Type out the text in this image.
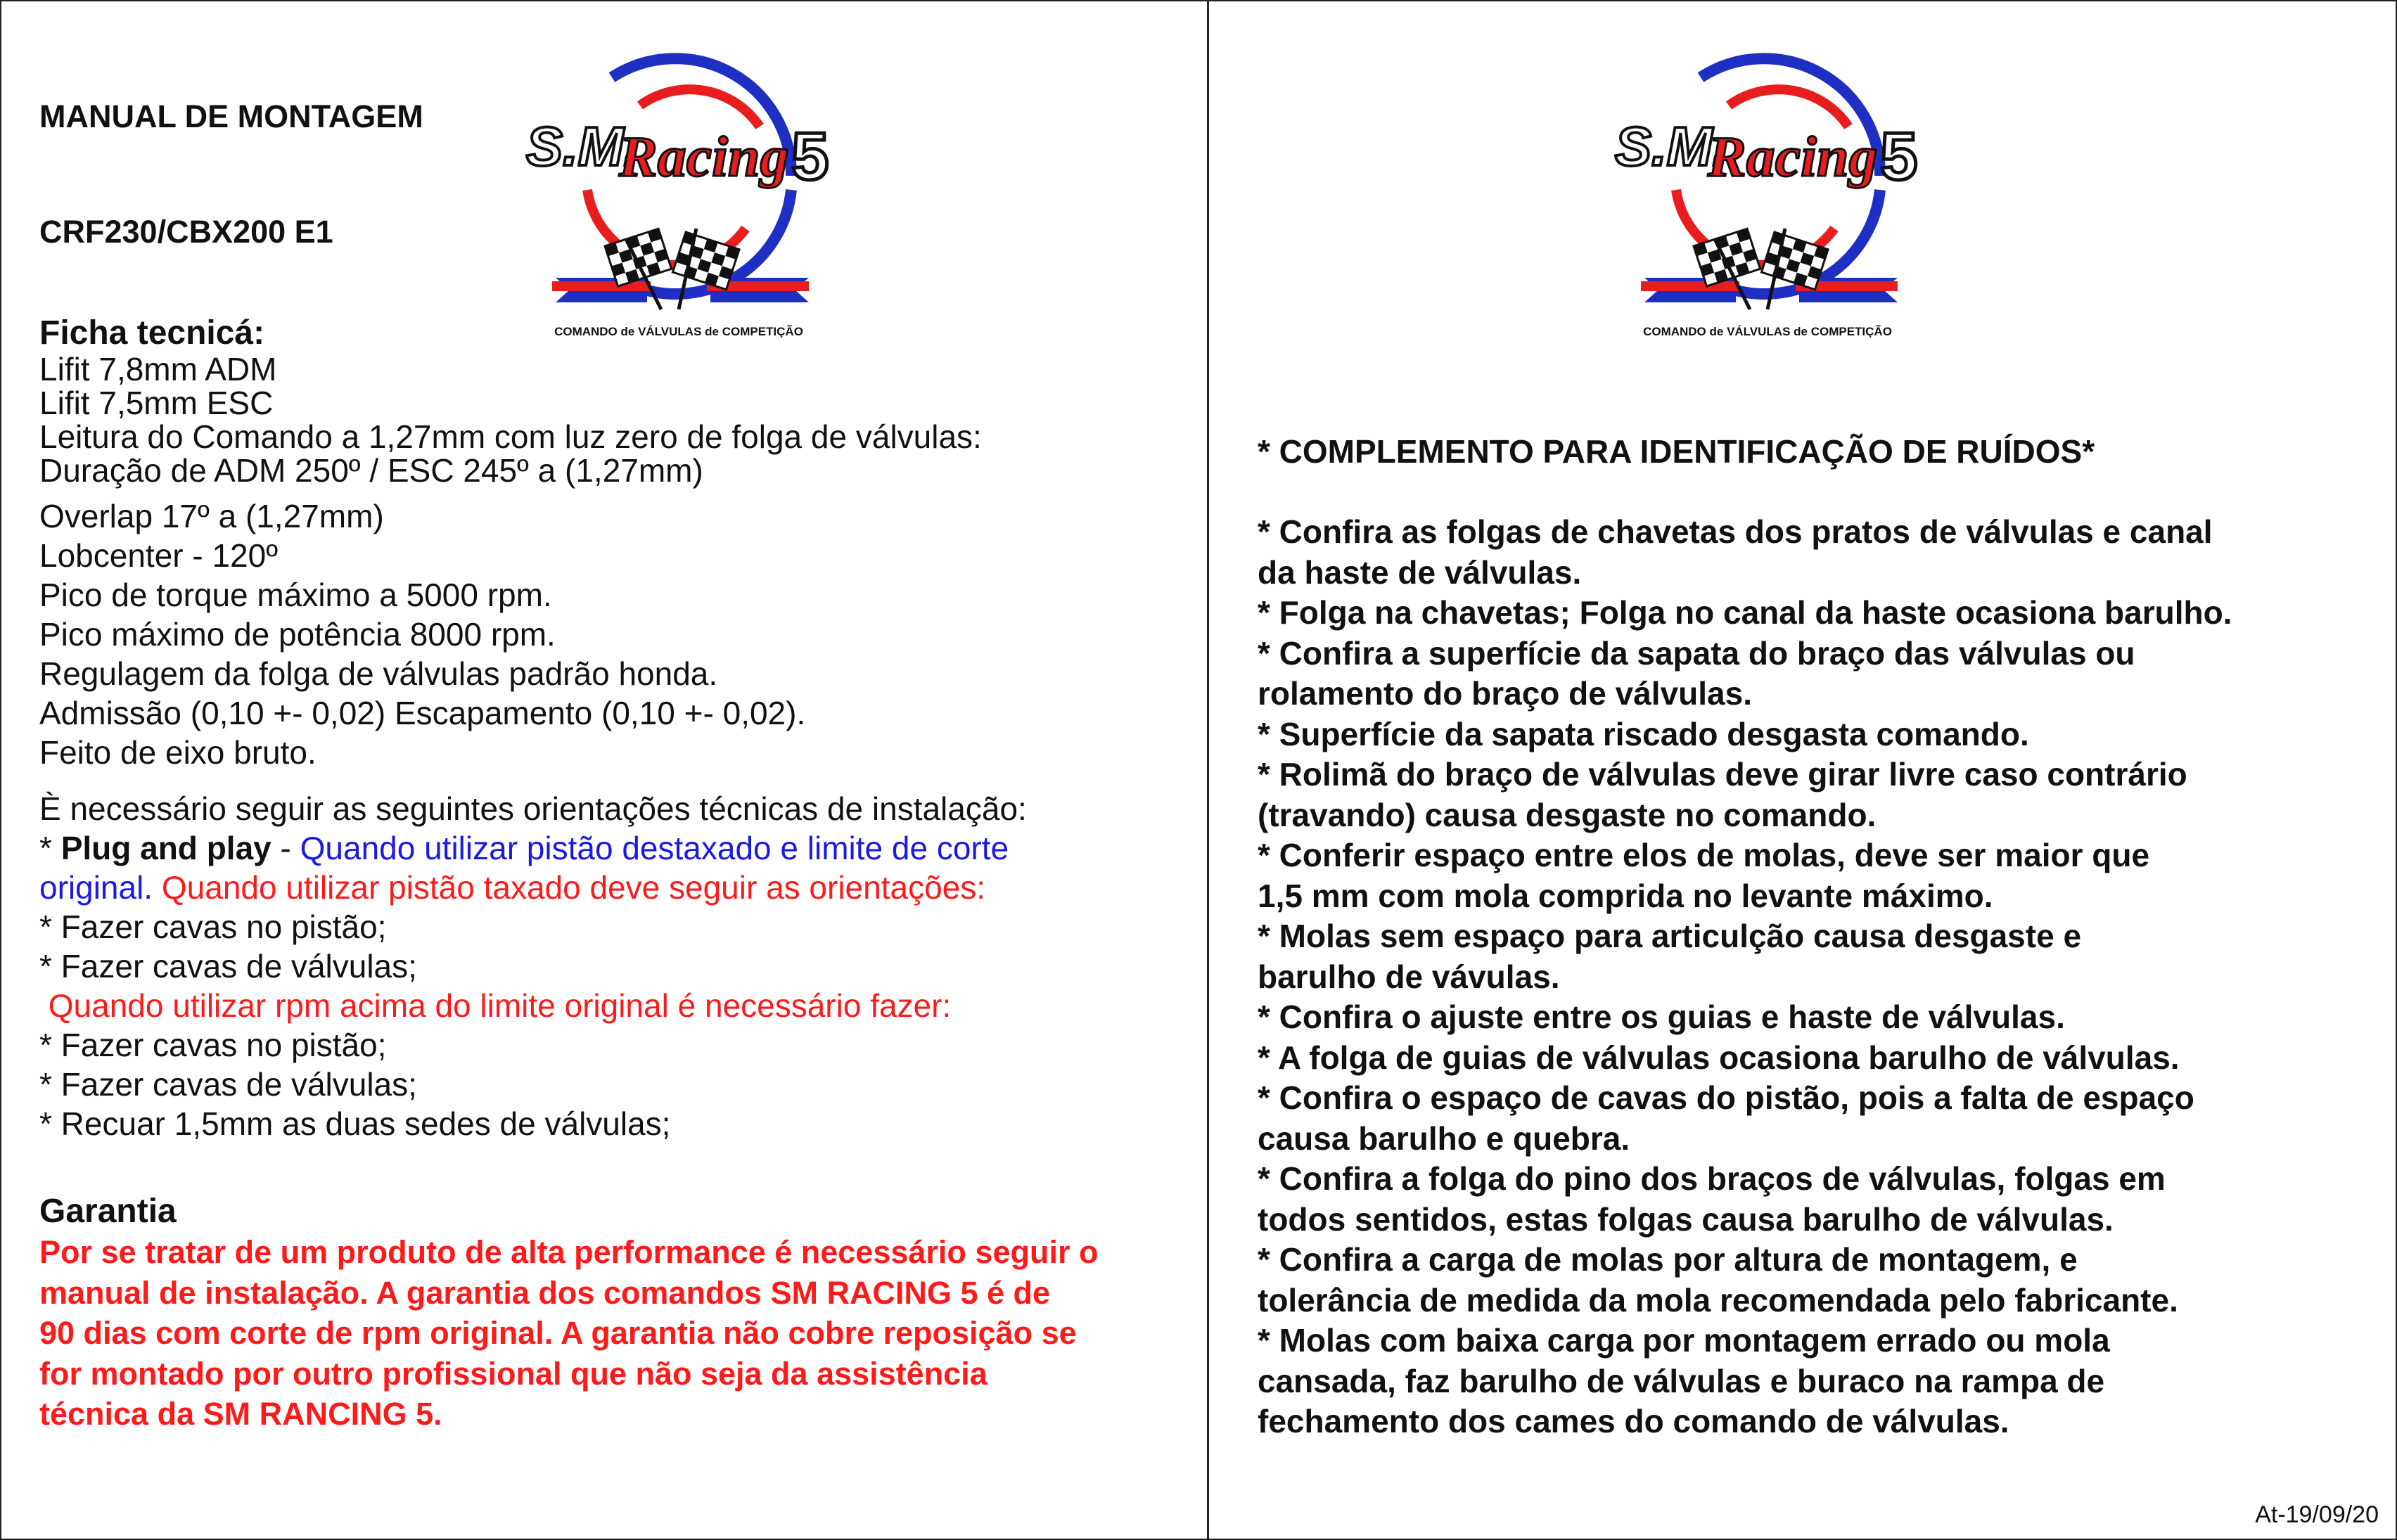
MANUAL DE MONTAGEM
CRF230/CBX200 E1
Ficha tecnicá:
Lifit 7,8mm ADM
Lifit 7,5mm ESC
Leitura do Comando a 1,27mm com luz zero de folga de válvulas:
Duração de ADM 250º / ESC 245º a (1,27mm)
Overlap 17º a (1,27mm)
Lobcenter - 120º
Pico de torque máximo a 5000 rpm.
Pico máximo de potência 8000 rpm.
Regulagem da folga de válvulas padrão honda.
Admissão (0,10 +- 0,02) Escapamento (0,10 +- 0,02).
Feito de eixo bruto.
È necessário seguir as seguintes orientações técnicas de instalação:
* Plug and play - Quando utilizar pistão destaxado e limite de corte
original. Quando utilizar pistão taxado deve seguir as orientações:
* Fazer cavas no pistão;
* Fazer cavas de válvulas;
Quando utilizar rpm acima do limite original é necessário fazer:
* Fazer cavas no pistão;
* Fazer cavas de válvulas;
* Recuar 1,5mm as duas sedes de válvulas;
Garantia
Por se tratar de um produto de alta performance é necessário seguir o
manual de instalação. A garantia dos comandos SM RACING 5 é de
90 dias com corte de rpm original. A garantia não cobre reposição se
for montado por outro profissional que não seja da assistência
técnica da SM RANCING 5.
S.M.
Racing 5
COMANDO de VÁLVULAS de COMPETIÇÃO
S.M.
Racing 5
COMANDO de VÁLVULAS de COMPETIÇÃO
* COMPLEMENTO PARA IDENTIFICAÇÃO DE RUÍDOS*
* Confira as folgas de chavetas dos pratos de válvulas e canal
da haste de válvulas.
* Folga na chavetas; Folga no canal da haste ocasiona barulho.
* Confira a superfície da sapata do braço das válvulas ou
rolamento do braço de válvulas.
* Superfície da sapata riscado desgasta comando.
* Rolimã do braço de válvulas deve girar livre caso contrário
(travando) causa desgaste no comando.
* Conferir espaço entre elos de molas, deve ser maior que
1,5 mm com mola comprida no levante máximo.
* Molas sem espaço para articulção causa desgaste e
barulho de vávulas.
* Confira o ajuste entre os guias e haste de válvulas.
* A folga de guias de válvulas ocasiona barulho de válvulas.
* Confira o espaço de cavas do pistão, pois a falta de espaço
causa barulho e quebra.
* Confira a folga do pino dos braços de válvulas, folgas em
todos sentidos, estas folgas causa barulho de válvulas.
* Confira a carga de molas por altura de montagem, e
tolerância de medida da mola recomendada pelo fabricante.
* Molas com baixa carga por montagem errado ou mola
cansada, faz barulho de válvulas e buraco na rampa de
fechamento dos cames do comando de válvulas.
At-19/09/20
